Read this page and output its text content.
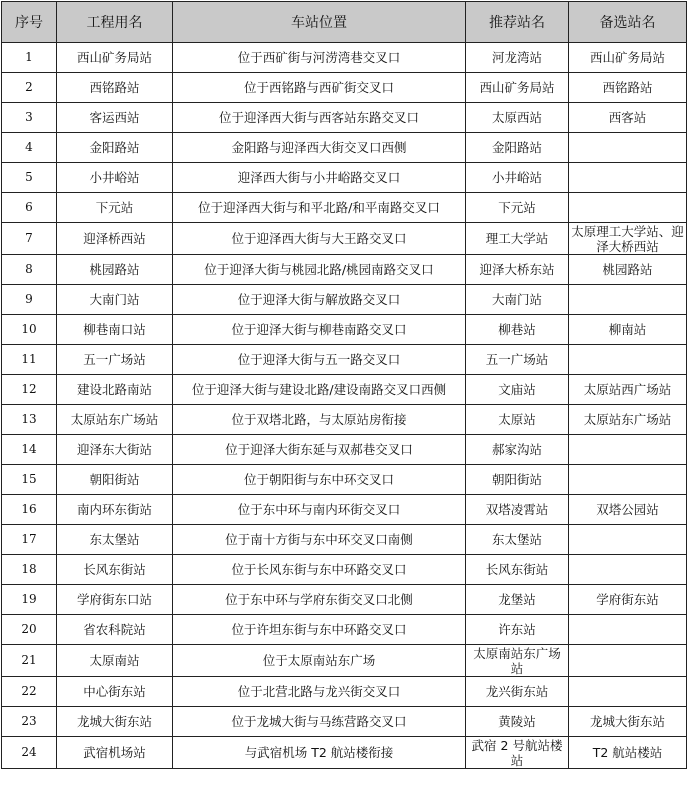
序号	工程用名	车站位置	推荐站名	备选站名
1	西山矿务局站	位于西矿街与河涝湾巷交叉口	河龙湾站	西山矿务局站
2	西铭路站	位于西铭路与西矿街交叉口	西山矿务局站	西铭路站
3	客运西站	位于迎泽西大街与西客站东路交叉口	太原西站	西客站
4	金阳路站	金阳路与迎泽西大街交叉口西侧	金阳路站	
5	小井峪站	迎泽西大街与小井峪路交叉口	小井峪站	
6	下元站	位于迎泽西大街与和平北路/和平南路交叉口	下元站	
7	迎泽桥西站	位于迎泽西大街与大王路交叉口	理工大学站	太原理工大学站、迎泽大桥西站
8	桃园路站	位于迎泽大街与桃园北路/桃园南路交叉口	迎泽大桥东站	桃园路站
9	大南门站	位于迎泽大街与解放路交叉口	大南门站	
10	柳巷南口站	位于迎泽大街与柳巷南路交叉口	柳巷站	柳南站
11	五一广场站	位于迎泽大街与五一路交叉口	五一广场站	
12	建设北路南站	位于迎泽大街与建设北路/建设南路交叉口西侧	文庙站	太原站西广场站
13	太原站东广场站	位于双塔北路，与太原站房衔接	太原站	太原站东广场站
14	迎泽东大街站	位于迎泽大街东延与双郝巷交叉口	郝家沟站	
15	朝阳街站	位于朝阳街与东中环交叉口	朝阳街站	
16	南内环东街站	位于东中环与南内环街交叉口	双塔凌霄站	双塔公园站
17	东太堡站	位于南十方街与东中环交叉口南侧	东太堡站	
18	长风东街站	位于长风东街与东中环路交叉口	长风东街站	
19	学府街东口站	位于东中环与学府东街交叉口北侧	龙堡站	学府街东站
20	省农科院站	位于许坦东街与东中环路交叉口	许东站	
21	太原南站	位于太原南站东广场	太原南站东广场站	
22	中心街东站	位于北营北路与龙兴街交叉口	龙兴街东站	
23	龙城大街东站	位于龙城大街与马练营路交叉口	黄陵站	龙城大街东站
24	武宿机场站	与武宿机场 T2 航站楼衔接	武宿 2 号航站楼站	T2 航站楼站
